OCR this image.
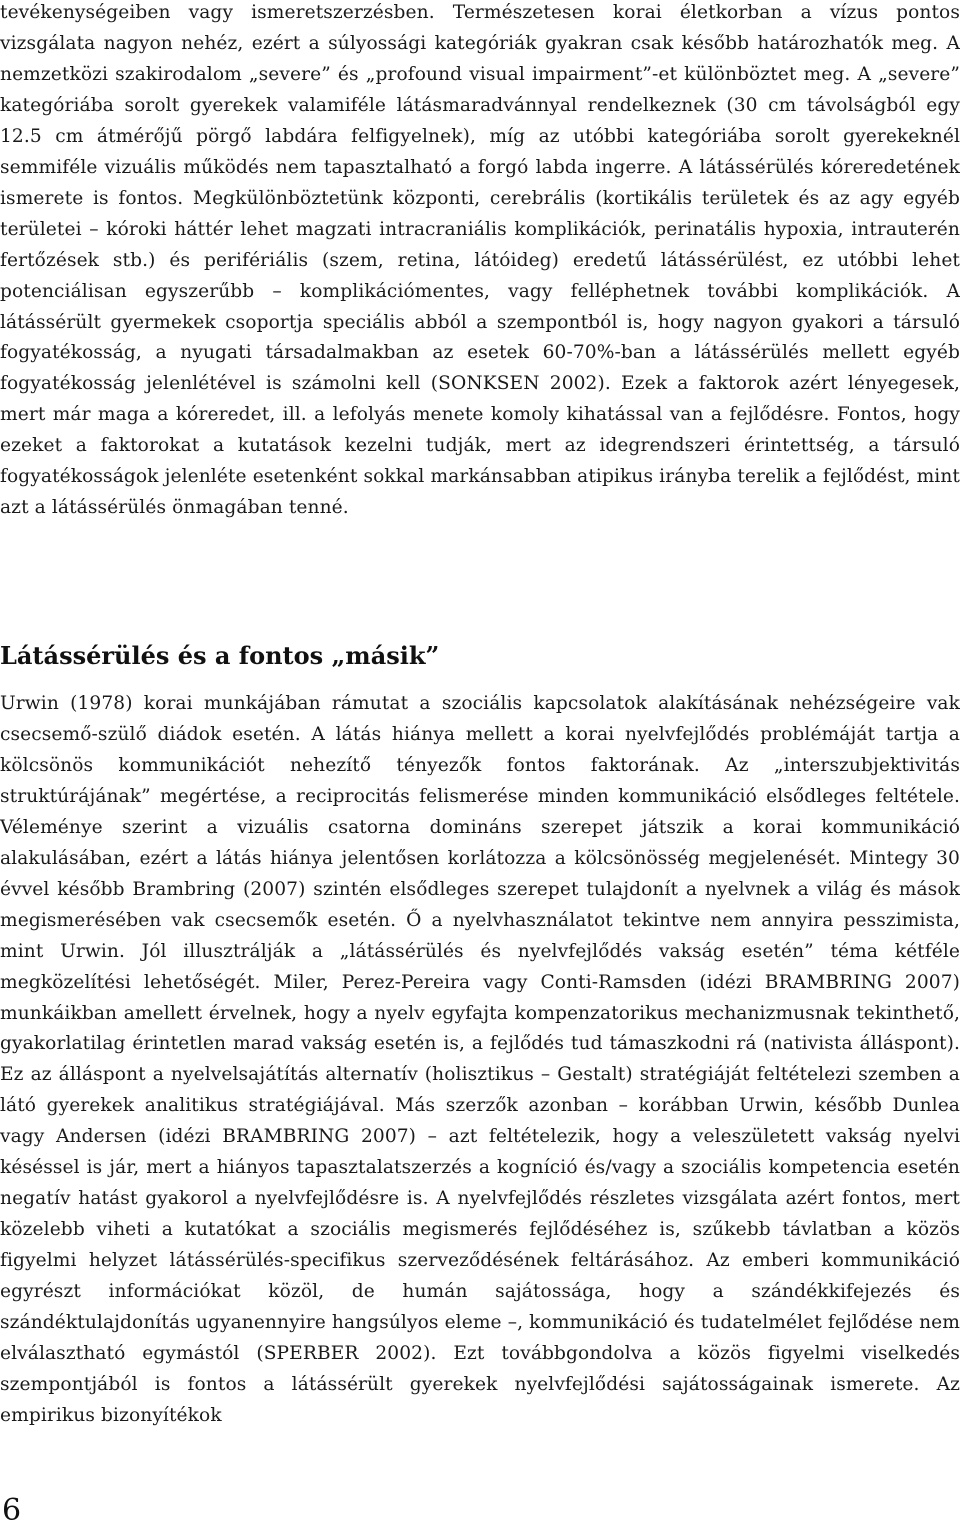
tevékenységeiben vagy ismeretszerzésben. Természetesen korai életkorban a vízus pontos vizsgálata nagyon nehéz, ezért a súlyossági kategóriák gyakran csak később határozhatók meg. A nemzetközi szakirodalom „severe” és „profound visual impairment”-et különböztet meg. A „severe” kategóriába sorolt gyerekek valamiféle látásmaradvánnyal rendelkeznek (30 cm távolságból egy 12.5 cm átmérőjű pörgő labdára felfigyelnek), míg az utóbbi kategóriába sorolt gyerekeknél semmiféle vizuális működés nem tapasztalható a forgó labda ingerre. A látássérülés kóreredetének ismerete is fontos. Megkülönböztetünk központi, cerebrális (kortikális területek és az agy egyéb területei – kóroki háttér lehet magzati intracraniális komplikációk, perinatális hypoxia, intrauterén fertőzések stb.) és perifériális (szem, retina, látóideg) eredetű látássérülést, ez utóbbi lehet potenciálisan egyszerűbb – komplikációmentes, vagy felléphetnek további komplikációk. A látássérült gyermekek csoportja speciális abból a szempontból is, hogy nagyon gyakori a társuló fogyatékosság, a nyugati társadalmakban az esetek 60-70%-ban a látássérülés mellett egyéb fogyatékosság jelenlétével is számolni kell (SONKSEN 2002). Ezek a faktorok azért lényegesek, mert már maga a kóreredet, ill. a lefolyás menete komoly kihatással van a fejlődésre. Fontos, hogy ezeket a faktorokat a kutatások kezelni tudják, mert az idegrendszeri érintettség, a társuló fogyatékosságok jelenléte esetenként sokkal markánsabban atipikus irányba terelik a fejlődést, mint azt a látássérülés önmagában tenné.

Látássérülés és a fontos „másik”

Urwin (1978) korai munkájában rámutat a szociális kapcsolatok alakításának nehézségeire vak csecsemő-szülő diádok esetén. A látás hiánya mellett a korai nyelvfejlődés problémáját tartja a kölcsönös kommunikációt nehezítő tényezők fontos faktorának. Az „interszubjektivitás struktúrájának” megértése, a reciprocitás felismerése minden kommunikáció elsődleges feltétele. Véleménye szerint a vizuális csatorna domináns szerepet játszik a korai kommunikáció alakulásában, ezért a látás hiánya jelentősen korlátozza a kölcsönösség megjelenését. Mintegy 30 évvel később Brambring (2007) szintén elsődleges szerepet tulajdonít a nyelvnek a világ és mások megismerésében vak csecsemők esetén. Ő a nyelvhasználatot tekintve nem annyira pesszimista, mint Urwin. Jól illusztrálják a „látássérülés és nyelvfejlődés vakság esetén” téma kétféle megközelítési lehetőségét. Miler, Perez-Pereira vagy Conti-Ramsden (idézi BRAMBRING 2007) munkáikban amellett érvelnek, hogy a nyelv egyfajta kompenzatorikus mechanizmusnak tekinthető, gyakorlatilag érintetlen marad vakság esetén is, a fejlődés tud támaszkodni rá (nativista álláspont). Ez az álláspont a nyelvelsajátítás alternatív (holisztikus – Gestalt) stratégiáját feltételezi szemben a látó gyerekek analitikus stratégiájával. Más szerzők azonban – korábban Urwin, később Dunlea vagy Andersen (idézi BRAMBRING 2007) – azt feltételezik, hogy a veleszületett vakság nyelvi késéssel is jár, mert a hiányos tapasztalatszerzés a kogníció és/vagy a szociális kompetencia esetén negatív hatást gyakorol a nyelvfejlődésre is. A nyelvfejlődés részletes vizsgálata azért fontos, mert közelebb viheti a kutatókat a szociális megismerés fejlődéséhez is, szűkebb távlatban a közös figyelmi helyzet látássérülés-specifikus szerveződésének feltárásához. Az emberi kommunikáció egyrészt információkat közöl, de humán sajátossága, hogy a szándékkifejezés és szándéktulajdonítás ugyanennyire hangsúlyos eleme –, kommunikáció és tudatelmélet fejlődése nem elválasztható egymástól (SPERBER 2002). Ezt továbbgondolva a közös figyelmi viselkedés szempontjából is fontos a látássérült gyerekek nyelvfejlődési sajátosságainak ismerete. Az empirikus bizonyítékok

6
